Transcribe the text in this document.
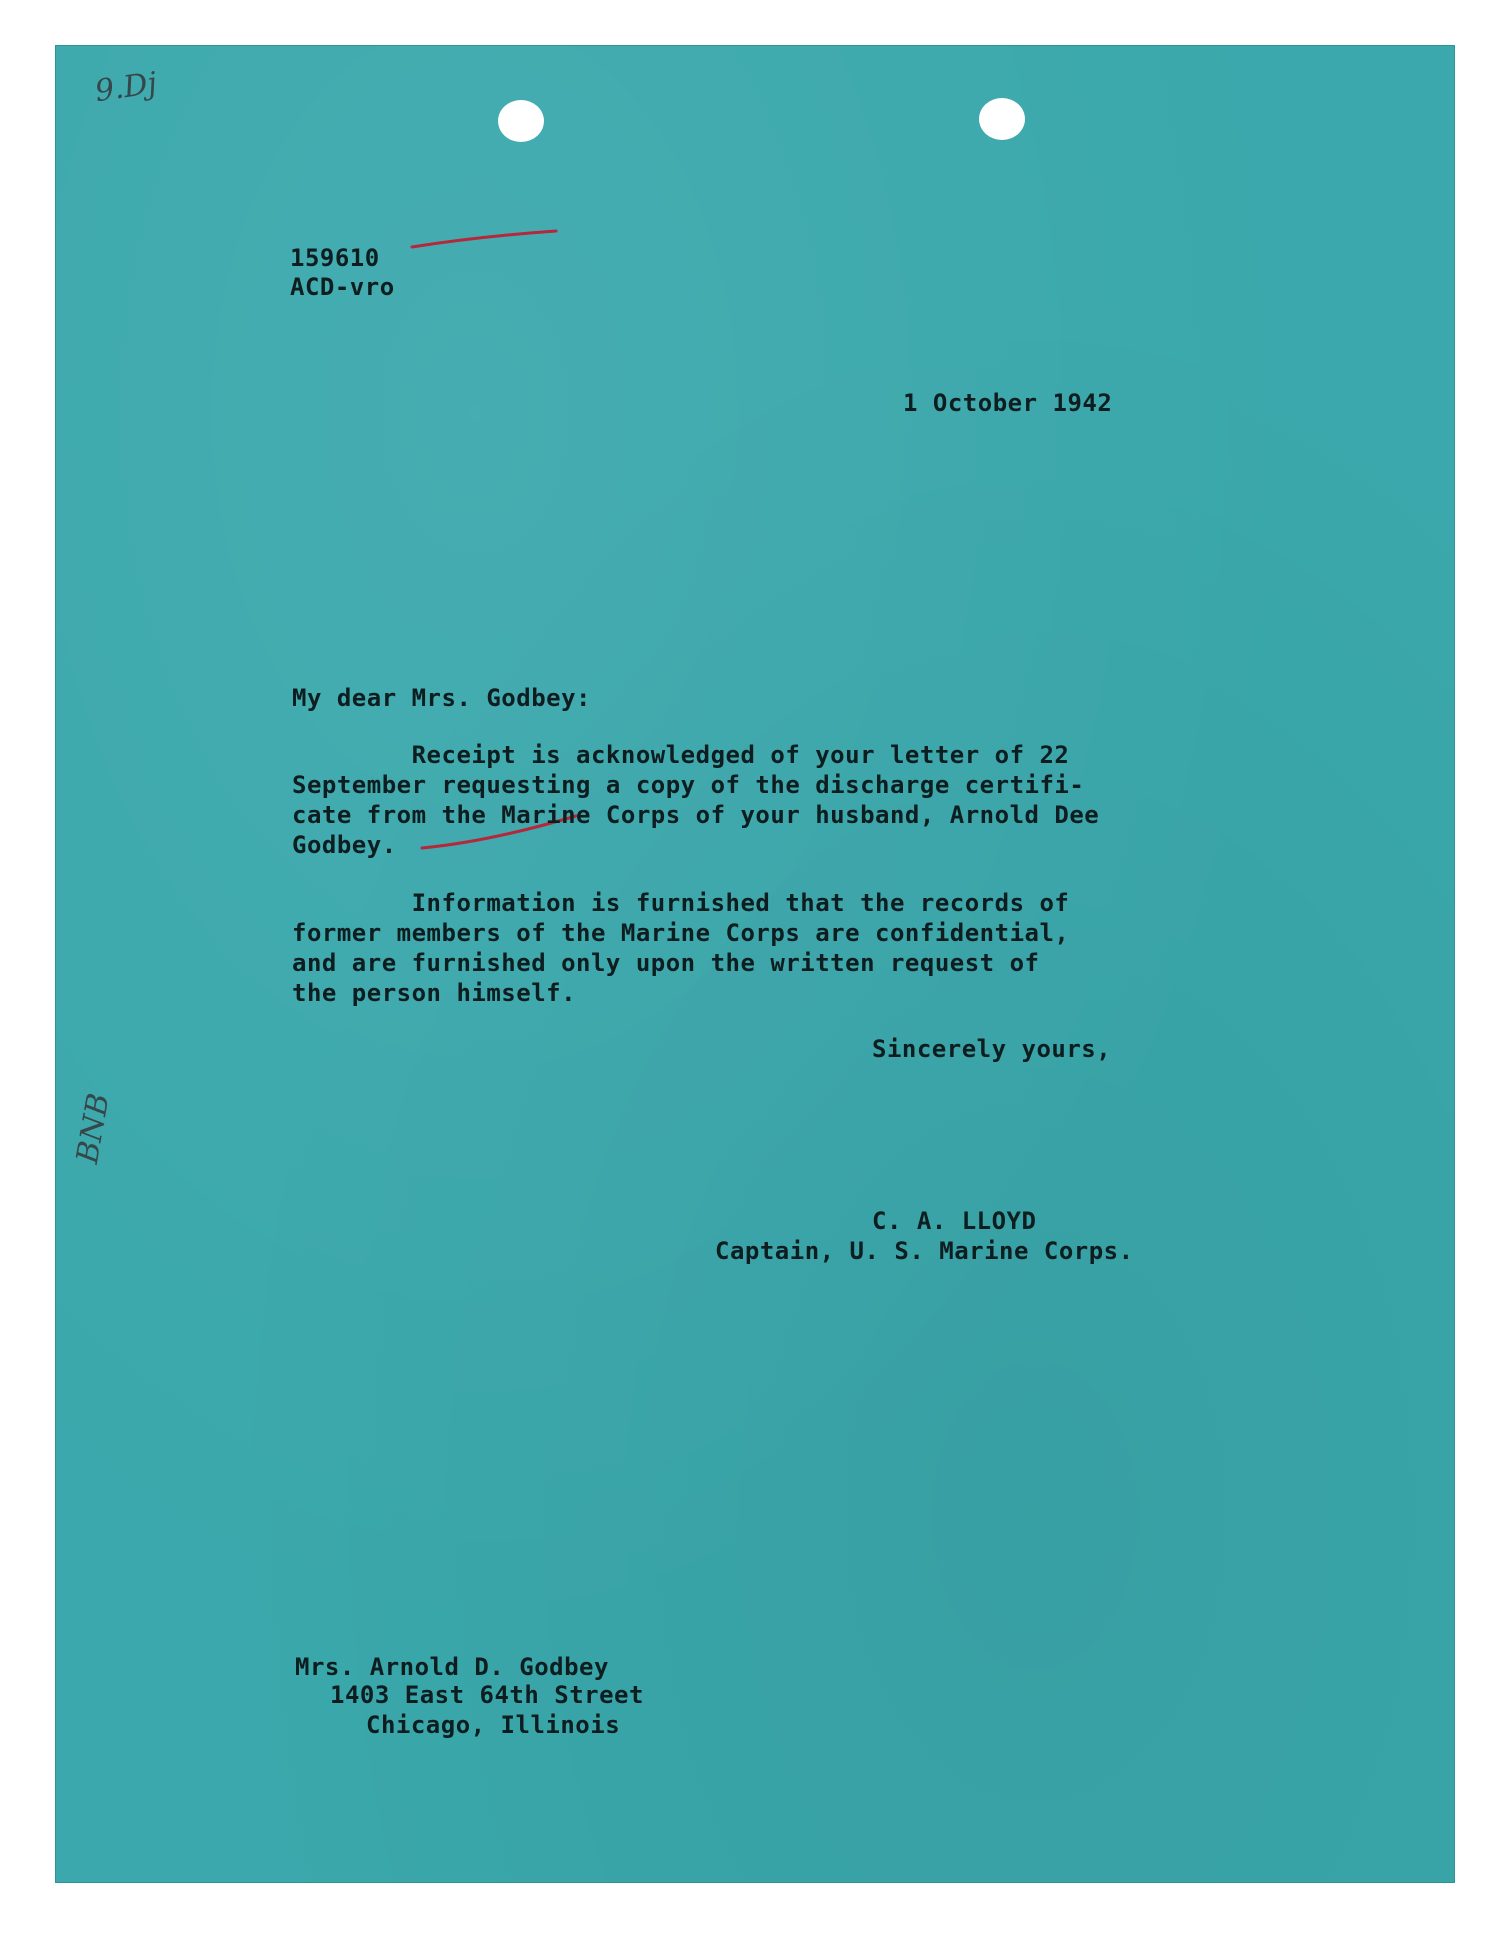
9.Dj
BNB
159610
ACD-vro
1 October 1942
My dear Mrs. Godbey:
Receipt is acknowledged of your letter of 22
September requesting a copy of the discharge certifi-
cate from the Marine Corps of your husband, Arnold Dee
Godbey.
Information is furnished that the records of
former members of the Marine Corps are confidential,
and are furnished only upon the written request of
the person himself.
Sincerely yours,
C. A. LLOYD
Captain, U. S. Marine Corps.
Mrs. Arnold D. Godbey
1403 East 64th Street
Chicago, Illinois
